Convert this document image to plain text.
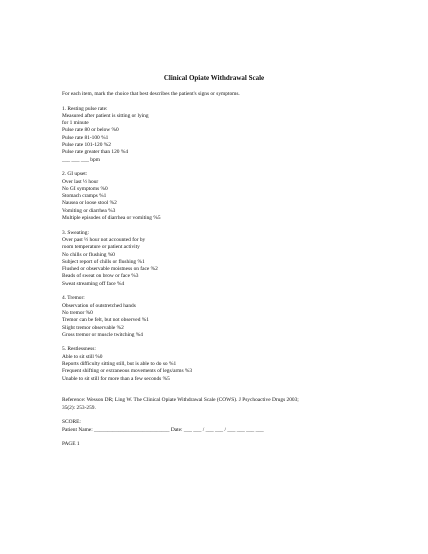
Clinical Opiate Withdrawal Scale
For each item, mark the choice that best describes the patient's signs or symptoms.
1. Resting pulse rate:
Measured after patient is sitting or lying
for 1 minute
Pulse rate 80 or below %0
Pulse rate 81-100 %1
Pulse rate 101-120 %2
Pulse rate greater than 120 %4
___ ___ ___ bpm
2. GI upset:
Over last ½ hour
No GI symptoms %0
Stomach cramps %1
Nausea or loose stool %2
Vomiting or diarrhea %3
Multiple episodes of diarrhea or vomiting %5
3. Sweating:
Over past ½ hour not accounted for by
room temperature or patient activity
No chills or flushing %0
Subject report of chills or flushing %1
Flushed or observable moistness on face %2
Beads of sweat on brow or face %3
Sweat streaming off face %4
4. Tremor:
Observation of outstretched hands
No tremor %0
Tremor can be felt, but not observed %1
Slight tremor observable %2
Gross tremor or muscle twitching %4
5. Restlessness:
Able to sit still %0
Reports difficulty sitting still, but is able to do so %1
Frequent shifting or extraneous movements of legs/arms %3
Unable to sit still for more than a few seconds %5
Reference: Wesson DR; Ling W. The Clinical Opiate Withdrawal Scale (COWS). J Psychoactive Drugs 2003;
35(2): 253-259.
SCORE:
Patient Name: ____________________________ Date: ___ ___ / ___ ___ / ___ ___ ___ ___
PAGE 1
